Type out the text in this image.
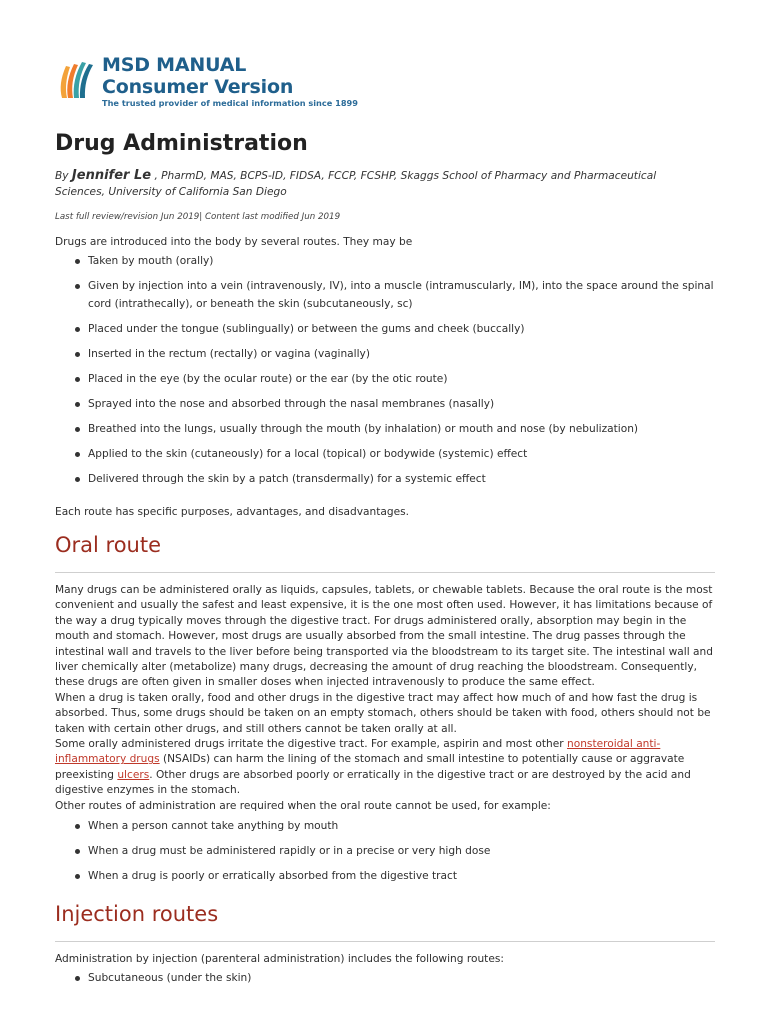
MSD MANUAL
Consumer Version
The trusted provider of medical information since 1899
Drug Administration
By Jennifer Le , PharmD, MAS, BCPS-ID, FIDSA, FCCP, FCSHP, Skaggs School of Pharmacy and Pharmaceutical Sciences, University of California San Diego
Last full review/revision Jun 2019| Content last modified Jun 2019

Drugs are introduced into the body by several routes. They may be

Taken by mouth (orally)
Given by injection into a vein (intravenously, IV), into a muscle (intramuscularly, IM), into the space around the spinal cord (intrathecally), or beneath the skin (subcutaneously, sc)
Placed under the tongue (sublingually) or between the gums and cheek (buccally)
Inserted in the rectum (rectally) or vagina (vaginally)
Placed in the eye (by the ocular route) or the ear (by the otic route)
Sprayed into the nose and absorbed through the nasal membranes (nasally)
Breathed into the lungs, usually through the mouth (by inhalation) or mouth and nose (by nebulization)
Applied to the skin (cutaneously) for a local (topical) or bodywide (systemic) effect
Delivered through the skin by a patch (transdermally) for a systemic effect

Each route has specific purposes, advantages, and disadvantages.

Oral route

Many drugs can be administered orally as liquids, capsules, tablets, or chewable tablets. Because the oral route is the most convenient and usually the safest and least expensive, it is the one most often used. However, it has limitations because of the way a drug typically moves through the digestive tract. For drugs administered orally, absorption may begin in the mouth and stomach. However, most drugs are usually absorbed from the small intestine. The drug passes through the intestinal wall and travels to the liver before being transported via the bloodstream to its target site. The intestinal wall and liver chemically alter (metabolize) many drugs, decreasing the amount of drug reaching the bloodstream. Consequently, these drugs are often given in smaller doses when injected intravenously to produce the same effect.

When a drug is taken orally, food and other drugs in the digestive tract may affect how much of and how fast the drug is absorbed. Thus, some drugs should be taken on an empty stomach, others should be taken with food, others should not be taken with certain other drugs, and still others cannot be taken orally at all.

Some orally administered drugs irritate the digestive tract. For example, aspirin and most other nonsteroidal anti-inflammatory drugs (NSAIDs) can harm the lining of the stomach and small intestine to potentially cause or aggravate preexisting ulcers. Other drugs are absorbed poorly or erratically in the digestive tract or are destroyed by the acid and digestive enzymes in the stomach.

Other routes of administration are required when the oral route cannot be used, for example:

When a person cannot take anything by mouth
When a drug must be administered rapidly or in a precise or very high dose
When a drug is poorly or erratically absorbed from the digestive tract
Injection routes

Administration by injection (parenteral administration) includes the following routes:

Subcutaneous (under the skin)
